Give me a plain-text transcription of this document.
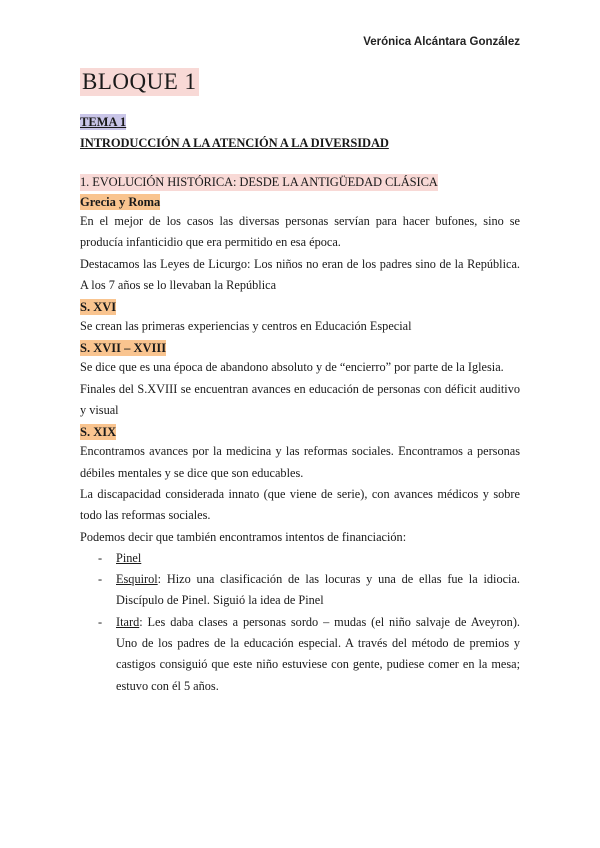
Verónica Alcántara González
BLOQUE 1
TEMA 1
INTRODUCCIÓN A LA ATENCIÓN A LA DIVERSIDAD
1. EVOLUCIÓN HISTÓRICA: DESDE LA ANTIGÜEDAD CLÁSICA
Grecia y Roma

En el mejor de los casos las diversas personas servían para hacer bufones, sino se producía infanticidio que era permitido en esa época.

Destacamos las Leyes de Licurgo: Los niños no eran de los padres sino de la República. A los 7 años se lo llevaban la República

S. XVI

Se crean las primeras experiencias y centros en Educación Especial

S. XVII – XVIII

Se dice que es una época de abandono absoluto y de “encierro” por parte de la Iglesia.

Finales del S.XVIII se encuentran avances en educación de personas con déficit auditivo y visual

S. XIX

Encontramos avances por la medicina y las reformas sociales. Encontramos a personas débiles mentales y se dice que son educables.

La discapacidad considerada innato (que viene de serie), con avances médicos y sobre todo las reformas sociales.

Podemos decir que también encontramos intentos de financiación:

- Pinel
- Esquirol: Hizo una clasificación de las locuras y una de ellas fue la idiocia. Discípulo de Pinel. Siguió la idea de Pinel
- Itard: Les daba clases a personas sordo – mudas (el niño salvaje de Aveyron). Uno de los padres de la educación especial. A través del método de premios y castigos consiguió que este niño estuviese con gente, pudiese comer en la mesa; estuvo con él 5 años.
